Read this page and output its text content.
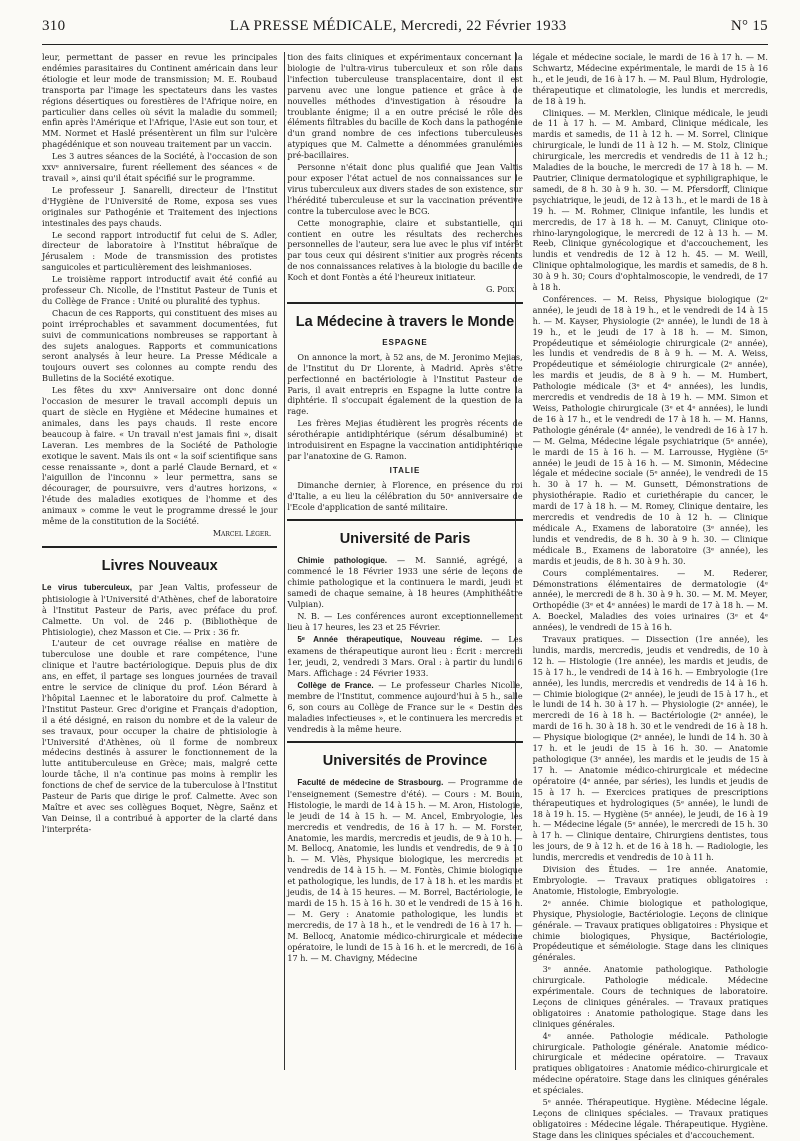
310	LA PRESSE MÉDICALE, Mercredi, 22 Février 1933	N° 15

leur, permettant de passer en revue les principales endémies parasitaires du Continent américain dans leur étiologie et leur mode de transmission; M. E. Roubaud transporta par l'image les spectateurs dans les vastes régions désertiques ou forestières de l'Afrique noire, en particulier dans celles où sévit la maladie du sommeil; enfin après l'Amérique et l'Afrique, l'Asie eut son tour, et MM. Normet et Haslé présentèrent un film sur l'ulcère phagédénique et son nouveau traitement par un vaccin.

Les 3 autres séances de la Société, à l'occasion de son xxvᵉ anniversaire, furent réellement des séances « de travail », ainsi qu'il était spécifié sur le programme.

Le professeur J. Sanarelli, directeur de l'Institut d'Hygiène de l'Université de Rome, exposa ses vues originales sur Pathogénie et Traitement des injections intestinales des pays chauds.

Le second rapport introductif fut celui de S. Adler, directeur de laboratoire à l'Institut hébraïque de Jérusalem : Mode de transmission des protistes sanguicoles et particulièrement des leishmanioses.

Le troisième rapport introductif avait été confié au professeur Ch. Nicolle, de l'Institut Pasteur de Tunis et du Collège de France : Unité ou pluralité des typhus.

Chacun de ces Rapports, qui constituent des mises au point irréprochables et savamment documentées, fut suivi de communications nombreuses se rapportant à des sujets analogues. Rapports et communications seront analysés à leur heure. La Presse Médicale a toujours ouvert ses colonnes au compte rendu des Bulletins de la Société exotique.

Les fêtes du xxvᵉ Anniversaire ont donc donné l'occasion de mesurer le travail accompli depuis un quart de siècle en Hygiène et Médecine humaines et animales, dans les pays chauds. Il reste encore beaucoup à faire. « Un travail n'est jamais fini », disait Laveran. Les membres de la Société de Pathologie exotique le savent. Mais ils ont « la soif scientifique sans cesse renaissante », dont a parlé Claude Bernard, et « l'aiguillon de l'inconnu » leur permettra, sans se décourager, de poursuivre, vers d'autres horizons, « l'étude des maladies exotiques de l'homme et des animaux » comme le veut le programme dressé le jour même de la constitution de la Société.

Marcel Léger.
Livres Nouveaux

Le virus tuberculeux, par Jean Valtis, professeur de phtisiologie à l'Université d'Athènes, chef de laboratoire à l'Institut Pasteur de Paris, avec préface du prof. Calmette. Un vol. de 246 p. (Bibliothèque de Phtisiologie), chez Masson et Cie. — Prix : 36 fr.

L'auteur de cet ouvrage réalise en matière de tuberculose une double et rare compétence, l'une clinique et l'autre bactériologique. Depuis plus de dix ans, en effet, il partage ses longues journées de travail entre le service de clinique du prof. Léon Bérard à l'hôpital Laennec et le laboratoire du prof. Calmette à l'Institut Pasteur. Grec d'origine et Français d'adoption, il a été désigné, en raison du nombre et de la valeur de ses travaux, pour occuper la chaire de phtisiologie à l'Université d'Athènes, où il forme de nombreux médecins destinés à assurer le fonctionnement de la lutte antituberculeuse en Grèce; mais, malgré cette lourde tâche, il n'a continue pas moins à remplir les fonctions de chef de service de la tuberculose à l'Institut Pasteur de Paris que dirige le prof. Calmette. Avec son Maître et avec ses collègues Boquet, Nègre, Saënz et Van Deinse, il a contribué à apporter de la clarté dans l'interpréta-

tion des faits cliniques et expérimentaux concernant la biologie de l'ultra-virus tuberculeux et son rôle dans l'infection tuberculeuse transplacentaire, dont il est parvenu avec une longue patience et grâce à de nouvelles méthodes d'investigation à résoudre la troublante énigme; il a en outre précisé le rôle des éléments filtrables du bacille de Koch dans la pathogénie d'un grand nombre de ces infections tuberculeuses atypiques que M. Calmette a dénommées granulémies pré-bacillaires.

Personne n'était donc plus qualifié que Jean Valtis pour exposer l'état actuel de nos connaissances sur le virus tuberculeux aux divers stades de son existence, sur l'hérédité tuberculeuse et sur la vaccination préventive contre la tuberculose avec le BCG.

Cette monographie, claire et substantielle, qui contient en outre les résultats des recherches personnelles de l'auteur, sera lue avec le plus vif intérêt par tous ceux qui désirent s'initier aux progrès récents de nos connaissances relatives à la biologie du bacille de Koch et dont Fontès a été l'heureux initiateur.

G. Poix.
La Médecine à travers le Monde
ESPAGNE

On annonce la mort, à 52 ans, de M. Jeronimo Mejias, de l'Institut du Dr Llorente, à Madrid. Après s'être perfectionné en bactériologie à l'Institut Pasteur de Paris, il avait entrepris en Espagne la lutte contre la diphtérie. Il s'occupait également de la question de la rage.

Les frères Mejias étudièrent les progrès récents de sérothérapie antidiphtérique (sérum désalbuminé) et introduisirent en Espagne la vaccination antidiphtérique par l'anatoxine de G. Ramon.

ITALIE

Dimanche dernier, à Florence, en présence du roi d'Italie, a eu lieu la célébration du 50ᵉ anniversaire de l'Ecole d'application de santé militaire.

Université de Paris

Chimie pathologique. — M. Sannié, agrégé, a commencé le 18 Février 1933 une série de leçons de chimie pathologique et la continuera le mardi, jeudi et samedi de chaque semaine, à 18 heures (Amphithéâtre Vulpian).

N. B. — Les conférences auront exceptionnellement lieu à 17 heures, les 23 et 25 Février.

5ᵉ Année thérapeutique, Nouveau régime. — Les examens de thérapeutique auront lieu : Écrit : mercredi 1er, jeudi, 2, vendredi 3 Mars. Oral : à partir du lundi 6 Mars. Affichage : 24 Février 1933.

Collège de France. — Le professeur Charles Nicolle, membre de l'Institut, commence aujourd'hui à 5 h., salle 6, son cours au Collège de France sur le « Destin des maladies infectieuses », et le continuera les mercredis et vendredis à la même heure.

Universités de Province

Faculté de médecine de Strasbourg. — Programme de l'enseignement (Semestre d'été). — Cours : M. Bouin, Histologie, le mardi de 14 à 15 h. — M. Aron, Histologie, le jeudi de 14 à 15 h. — M. Ancel, Embryologie, les mercredis et vendredis, de 16 à 17 h. — M. Forster, Anatomie, les mardis, mercredis et jeudis, de 9 à 10 h. — M. Bellocq, Anatomie, les lundis et vendredis, de 9 à 10 h. — M. Vlès, Physique biologique, les mercredis et vendredis de 14 à 15 h. — M. Fontès, Chimie biologique et pathologique, les lundis, de 17 à 18 h. et les mardis et jeudis, de 14 à 15 heures. — M. Borrel, Bactériologie, le mardi de 15 h. 15 à 16 h. 30 et le vendredi de 15 à 16 h. — M. Gery : Anatomie pathologique, les lundis et mercredis, de 17 à 18 h., et le vendredi de 16 à 17 h. — M. Bellocq, Anatomie médico-chirurgicale et médecine opératoire, le lundi de 15 à 16 h. et le mercredi, de 16 à 17 h. — M. Chavigny, Médecine

légale et médecine sociale, le mardi de 16 à 17 h. — M. Schwartz, Médecine expérimentale, le mardi de 15 à 16 h., et le jeudi, de 16 à 17 h. — M. Paul Blum, Hydrologie, thérapeutique et climatologie, les lundis et mercredis, de 18 à 19 h.

Cliniques. — M. Merklen, Clinique médicale, le jeudi de 11 à 17 h. — M. Ambard, Clinique médicale, les mardis et samedis, de 11 à 12 h. — M. Sorrel, Clinique chirurgicale, le lundi de 11 à 12 h. — M. Stolz, Clinique chirurgicale, les mercredis et vendredis de 11 à 12 h.; Maladies de la bouche, le mercredi de 17 à 18 h. — M. Pautrier, Clinique dermatologique et syphiligraphique, le samedi, de 8 h. 30 à 9 h. 30. — M. Pfersdorff, Clinique psychiatrique, le jeudi, de 12 à 13 h., et le mardi de 18 à 19 h. — M. Rohmer, Clinique infantile, les lundis et mercredis, de 17 à 18 h. — M. Canuyt, Clinique oto-rhino-laryngologique, le mercredi de 12 à 13 h. — M. Reeb, Clinique gynécologique et d'accouchement, les lundis et vendredis de 12 à 12 h. 45. — M. Weill, Clinique ophtalmologique, les mardis et samedis, de 8 h. 30 à 9 h. 30; Cours d'ophtalmoscopie, le vendredi, de 17 à 18 h.

Conférences. — M. Reiss, Physique biologique (2ᵉ année), le jeudi de 18 à 19 h., et le vendredi de 14 à 15 h. — M. Kayser, Physiologie (2ᵉ année), le lundi de 18 à 19 h., et le jeudi de 17 à 18 h. — M. Simon, Propédeutique et séméiologie chirurgicale (2ᵉ année), les lundis et vendredis de 8 à 9 h. — M. A. Weiss, Propédeutique et séméiologie chirurgicale (2ᵉ année), les mardis et jeudis, de 8 à 9 h. — M. Humbert, Pathologie médicale (3ᵉ et 4ᵉ années), les lundis, mercredis et vendredis de 18 à 19 h. — MM. Simon et Weiss, Pathologie chirurgicale (3ᵉ et 4ᵉ années), le lundi de 16 à 17 h., et le vendredi de 17 à 18 h. — M. Hanns, Pathologie générale (4ᵉ année), le vendredi de 16 à 17 h. — M. Gelma, Médecine légale psychiatrique (5ᵉ année), le mardi de 15 à 16 h. — M. Larrousse, Hygiène (5ᵉ année) le jeudi de 15 à 16 h. — M. Simonin, Médecine légale et médecine sociale (5ᵉ année), le vendredi de 15 h. 30 à 17 h. — M. Gunsett, Démonstrations de physiothérapie. Radio et curiethérapie du cancer, le mardi de 17 à 18 h. — M. Romey, Clinique dentaire, les mercredis et vendredis de 10 à 12 h. — Clinique médicale A., Examens de laboratoire (3ᵉ année), les lundis et vendredis, de 8 h. 30 à 9 h. 30. — Clinique médicale B., Examens de laboratoire (3ᵉ année), les mardis et jeudis, de 8 h. 30 à 9 h. 30.

Cours complémentaires. — M. Rederer, Démonstrations élémentaires de dermatologie (4ᵉ année), le mercredi de 8 h. 30 à 9 h. 30. — M. M. Meyer, Orthopédie (3ᵉ et 4ᵉ années) le mardi de 17 à 18 h. — M. A. Boeckel, Maladies des voies urinaires (3ᵉ et 4ᵉ années), le vendredi de 15 à 16 h.

Travaux pratiques. — Dissection (1re année), les lundis, mardis, mercredis, jeudis et vendredis, de 10 à 12 h. — Histologie (1re année), les mardis et jeudis, de 15 à 17 h., le vendredi de 14 à 16 h. — Embryologie (1re année), les lundis, mercredis et vendredis de 14 à 16 h. — Chimie biologique (2ᵉ année), le jeudi de 15 à 17 h., et le lundi de 14 h. 30 à 17 h. — Physiologie (2ᵉ année), le mercredi de 16 à 18 h. — Bactériologie (2ᵉ année), le mardi de 16 h. 30 à 18 h. 30 et le vendredi de 16 à 18 h. — Physique biologique (2ᵉ année), le lundi de 14 h. 30 à 17 h. et le jeudi de 15 à 16 h. 30. — Anatomie pathologique (3ᵉ année), les mardis et le jeudis de 15 à 17 h. — Anatomie médico-chirurgicale et médecine opératoire (4ᵉ année, par séries), les lundis et jeudis de 15 à 17 h. — Exercices pratiques de prescriptions thérapeutiques et hydrologiques (5ᵉ année), le lundi de 18 à 19 h. 15. — Hygiène (5ᵉ année), le jeudi, de 16 à 19 h. — Médecine légale (5ᵉ année), le mercredi de 15 h. 30 à 17 h. — Clinique dentaire, Chirurgiens dentistes, tous les jours, de 9 à 12 h. et de 16 à 18 h. — Radiologie, les lundis, mercredis et vendredis de 10 à 11 h.

Division des Études. — 1re année. Anatomie, Embryologie. — Travaux pratiques obligatoires : Anatomie, Histologie, Embryologie.

2ᵉ année. Chimie biologique et pathologique, Physique, Physiologie, Bactériologie. Leçons de clinique générale. — Travaux pratiques obligatoires : Physique et chimie biologiques, Physique, Bactériologie, Propédeutique et séméiologie. Stage dans les cliniques générales.

3ᵉ année. Anatomie pathologique. Pathologie chirurgicale. Pathologie médicale. Médecine expérimentale. Cours de techniques de laboratoire. Leçons de cliniques générales. — Travaux pratiques obligatoires : Anatomie pathologique. Stage dans les cliniques générales.

4ᵉ année. Pathologie médicale. Pathologie chirurgicale. Pathologie générale. Anatomie médico-chirurgicale et médecine opératoire. — Travaux pratiques obligatoires : Anatomie médico-chirurgicale et médecine opératoire. Stage dans les cliniques générales et spéciales.

5ᵉ année. Thérapeutique. Hygiène. Médecine légale. Leçons de cliniques spéciales. — Travaux pratiques obligatoires : Médecine légale. Thérapeutique. Hygiène. Stage dans les cliniques spéciales et d'accouchement.
